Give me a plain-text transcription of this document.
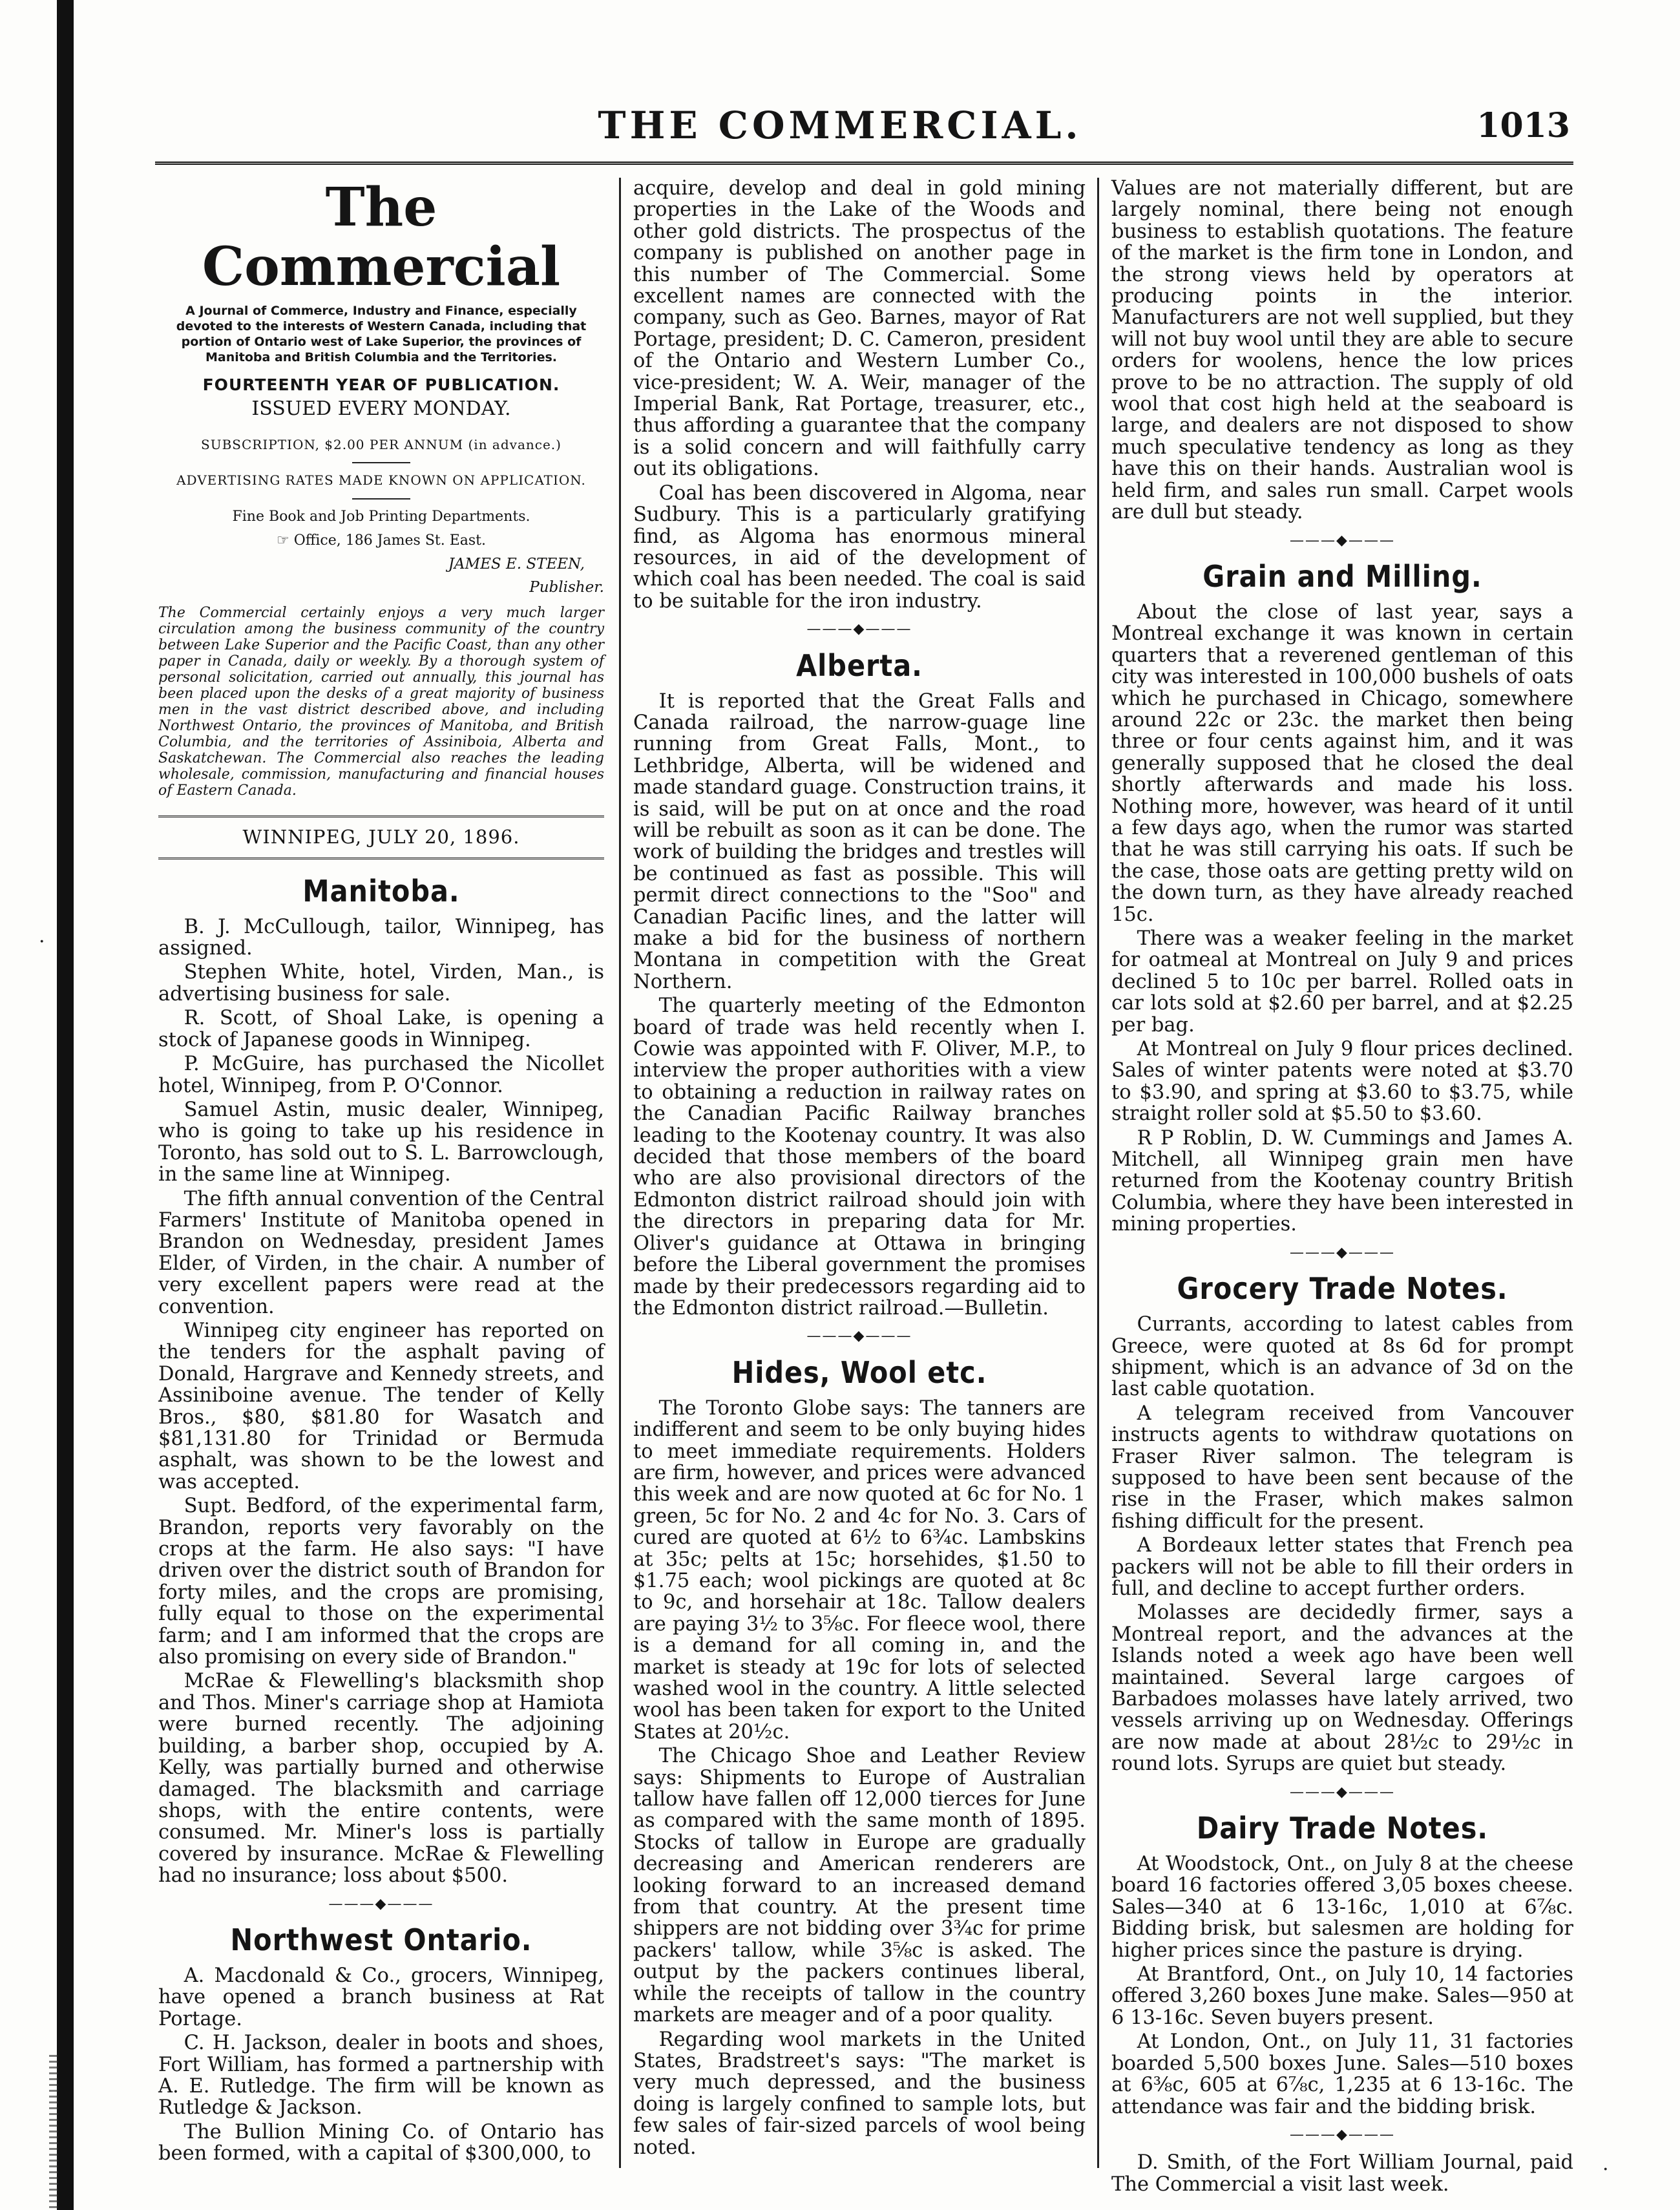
·
·
THE COMMERCIAL.	1013
The Commercial
A Journal of Commerce, Industry and Finance, especially devoted to the interests of Western Canada, including that portion of Ontario west of Lake Superior, the provinces of Manitoba and British Columbia and the Territories.
FOURTEENTH YEAR OF PUBLICATION.
ISSUED EVERY MONDAY.
SUBSCRIPTION, $2.00 PER ANNUM (in advance.)
ADVERTISING RATES MADE KNOWN ON APPLICATION.
Fine Book and Job Printing Departments.
☞ Office, 186 James St. East.
JAMES E. STEEN,
Publisher.
The Commercial certainly enjoys a very much larger circulation among the business community of the country between Lake Superior and the Pacific Coast, than any other paper in Canada, daily or weekly. By a thorough system of personal solicitation, carried out annually, this journal has been placed upon the desks of a great majority of business men in the vast district described above, and including Northwest Ontario, the provinces of Manitoba, and British Columbia, and the territories of Assiniboia, Alberta and Saskatchewan. The Commercial also reaches the leading wholesale, commission, manufacturing and financial houses of Eastern Canada.
WINNIPEG, JULY 20, 1896.
Manitoba.

B. J. McCullough, tailor, Winnipeg, has assigned.

Stephen White, hotel, Virden, Man., is advertising business for sale.

R. Scott, of Shoal Lake, is opening a stock of Japanese goods in Winnipeg.

P. McGuire, has purchased the Nicollet hotel, Winnipeg, from P. O'Connor.

Samuel Astin, music dealer, Winnipeg, who is going to take up his residence in Toronto, has sold out to S. L. Barrowclough, in the same line at Winnipeg.

The fifth annual convention of the Central Farmers' Institute of Manitoba opened in Brandon on Wednesday, president James Elder, of Virden, in the chair. A number of very excellent papers were read at the convention.

Winnipeg city engineer has reported on the tenders for the asphalt paving of Donald, Hargrave and Kennedy streets, and Assiniboine avenue. The tender of Kelly Bros., $80, $81.80 for Wasatch and $81,131.80 for Trinidad or Bermuda asphalt, was shown to be the lowest and was accepted.

Supt. Bedford, of the experimental farm, Brandon, reports very favorably on the crops at the farm. He also says: "I have driven over the district south of Brandon for forty miles, and the crops are promising, fully equal to those on the experimental farm; and I am informed that the crops are also promising on every side of Brandon."

McRae & Flewelling's blacksmith shop and Thos. Miner's carriage shop at Hamiota were burned recently. The adjoining building, a barber shop, occupied by A. Kelly, was partially burned and otherwise damaged. The blacksmith and carriage shops, with the entire contents, were consumed. Mr. Miner's loss is partially covered by insurance. McRae & Flewelling had no insurance; loss about $500.

———◆———
Northwest Ontario.

A. Macdonald & Co., grocers, Winnipeg, have opened a branch business at Rat Portage.

C. H. Jackson, dealer in boots and shoes, Fort William, has formed a partnership with A. E. Rutledge. The firm will be known as Rutledge & Jackson.

The Bullion Mining Co. of Ontario has been formed, with a capital of $300,000, to

acquire, develop and deal in gold mining properties in the Lake of the Woods and other gold districts. The prospectus of the company is published on another page in this number of The Commercial. Some excellent names are connected with the company, such as Geo. Barnes, mayor of Rat Portage, president; D. C. Cameron, president of the Ontario and Western Lumber Co., vice-president; W. A. Weir, manager of the Imperial Bank, Rat Portage, treasurer, etc., thus affording a guarantee that the company is a solid concern and will faithfully carry out its obligations.

Coal has been discovered in Algoma, near Sudbury. This is a particularly gratifying find, as Algoma has enormous mineral resources, in aid of the development of which coal has been needed. The coal is said to be suitable for the iron industry.

———◆———
Alberta.

It is reported that the Great Falls and Canada railroad, the narrow-guage line running from Great Falls, Mont., to Lethbridge, Alberta, will be widened and made standard guage. Construction trains, it is said, will be put on at once and the road will be rebuilt as soon as it can be done. The work of building the bridges and trestles will be continued as fast as possible. This will permit direct connections to the "Soo" and Canadian Pacific lines, and the latter will make a bid for the business of northern Montana in competition with the Great Northern.

The quarterly meeting of the Edmonton board of trade was held recently when I. Cowie was appointed with F. Oliver, M.P., to interview the proper authorities with a view to obtaining a reduction in railway rates on the Canadian Pacific Railway branches leading to the Kootenay country. It was also decided that those members of the board who are also provisional directors of the Edmonton district railroad should join with the directors in preparing data for Mr. Oliver's guidance at Ottawa in bringing before the Liberal government the promises made by their predecessors regarding aid to the Edmonton district railroad.—Bulletin.

———◆———
Hides, Wool etc.

The Toronto Globe says: The tanners are indifferent and seem to be only buying hides to meet immediate requirements. Holders are firm, however, and prices were advanced this week and are now quoted at 6c for No. 1 green, 5c for No. 2 and 4c for No. 3. Cars of cured are quoted at 6½ to 6¾c. Lambskins at 35c; pelts at 15c; horsehides, $1.50 to $1.75 each; wool pickings are quoted at 8c to 9c, and horsehair at 18c. Tallow dealers are paying 3½ to 3⅝c. For fleece wool, there is a demand for all coming in, and the market is steady at 19c for lots of selected washed wool in the country. A little selected wool has been taken for export to the United States at 20½c.

The Chicago Shoe and Leather Review says: Shipments to Europe of Australian tallow have fallen off 12,000 tierces for June as compared with the same month of 1895. Stocks of tallow in Europe are gradually decreasing and American renderers are looking forward to an increased demand from that country. At the present time shippers are not bidding over 3¾c for prime packers' tallow, while 3⅝c is asked. The output by the packers continues liberal, while the receipts of tallow in the country markets are meager and of a poor quality.

Regarding wool markets in the United States, Bradstreet's says: "The market is very much depressed, and the business doing is largely confined to sample lots, but few sales of fair-sized parcels of wool being noted.

Values are not materially different, but are largely nominal, there being not enough business to establish quotations. The feature of the market is the firm tone in London, and the strong views held by operators at producing points in the interior. Manufacturers are not well supplied, but they will not buy wool until they are able to secure orders for woolens, hence the low prices prove to be no attraction. The supply of old wool that cost high held at the seaboard is large, and dealers are not disposed to show much speculative tendency as long as they have this on their hands. Australian wool is held firm, and sales run small. Carpet wools are dull but steady.

———◆———
Grain and Milling.

About the close of last year, says a Montreal exchange it was known in certain quarters that a reverened gentleman of this city was interested in 100,000 bushels of oats which he purchased in Chicago, somewhere around 22c or 23c. the market then being three or four cents against him, and it was generally supposed that he closed the deal shortly afterwards and made his loss. Nothing more, however, was heard of it until a few days ago, when the rumor was started that he was still carrying his oats. If such be the case, those oats are getting pretty wild on the down turn, as they have already reached 15c.

There was a weaker feeling in the market for oatmeal at Montreal on July 9 and prices declined 5 to 10c per barrel. Rolled oats in car lots sold at $2.60 per barrel, and at $2.25 per bag.

At Montreal on July 9 flour prices declined. Sales of winter patents were noted at $3.70 to $3.90, and spring at $3.60 to $3.75, while straight roller sold at $5.50 to $3.60.

R P Roblin, D. W. Cummings and James A. Mitchell, all Winnipeg grain men have returned from the Kootenay country British Columbia, where they have been interested in mining properties.

———◆———
Grocery Trade Notes.

Currants, according to latest cables from Greece, were quoted at 8s 6d for prompt shipment, which is an advance of 3d on the last cable quotation.

A telegram received from Vancouver instructs agents to withdraw quotations on Fraser River salmon. The telegram is supposed to have been sent because of the rise in the Fraser, which makes salmon fishing difficult for the present.

A Bordeaux letter states that French pea packers will not be able to fill their orders in full, and decline to accept further orders.

Molasses are decidedly firmer, says a Montreal report, and the advances at the Islands noted a week ago have been well maintained. Several large cargoes of Barbadoes molasses have lately arrived, two vessels arriving up on Wednesday. Offerings are now made at about 28½c to 29½c in round lots. Syrups are quiet but steady.

———◆———
Dairy Trade Notes.

At Woodstock, Ont., on July 8 at the cheese board 16 factories offered 3,05 boxes cheese. Sales—340 at 6 13-16c, 1,010 at 6⅞c. Bidding brisk, but salesmen are holding for higher prices since the pasture is drying.

At Brantford, Ont., on July 10, 14 factories offered 3,260 boxes June make. Sales—950 at 6 13-16c. Seven buyers present.

At London, Ont., on July 11, 31 factories boarded 5,500 boxes June. Sales—510 boxes at 6⅜c, 605 at 6⅞c, 1,235 at 6 13-16c. The attendance was fair and the bidding brisk.

———◆———

D. Smith, of the Fort William Journal, paid The Commercial a visit last week.
